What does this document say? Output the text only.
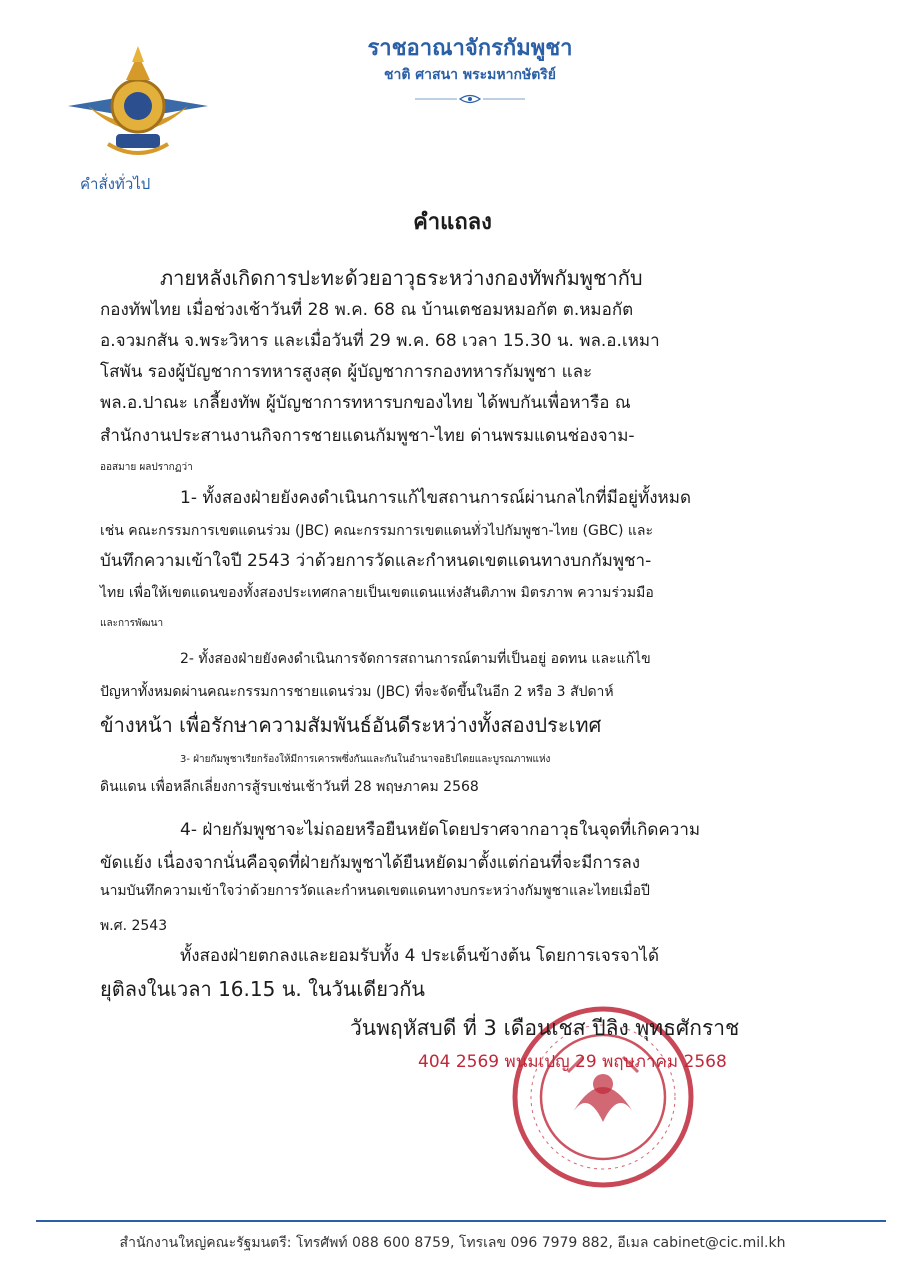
ราชอาณาจักรกัมพูชา
ชาติ ศาสนา พระมหากษัตริย์
คำสั่งทั่วไป
คำแถลง
ภายหลังเกิดการปะทะด้วยอาวุธระหว่างกองทัพกัมพูชากับ
กองทัพไทย เมื่อช่วงเช้าวันที่ 28 พ.ค. 68 ณ บ้านเตชอมหมอกัต ต.หมอกัต
อ.จวมกสัน จ.พระวิหาร และเมื่อวันที่ 29 พ.ค. 68 เวลา 15.30 น. พล.อ.เหมา
โสพัน รองผู้บัญชาการทหารสูงสุด ผู้บัญชาการกองทหารกัมพูชา และ
พล.อ.ปาณะ เกลี้ยงทัพ ผู้บัญชาการทหารบกของไทย ได้พบกันเพื่อหารือ ณ
สำนักงานประสานงานกิจการชายแดนกัมพูชา-ไทย ด่านพรมแดนช่องจาม-
ออสมาย ผลปรากฏว่า
1- ทั้งสองฝ่ายยังคงดำเนินการแก้ไขสถานการณ์ผ่านกลไกที่มีอยู่ทั้งหมด
เช่น คณะกรรมการเขตแดนร่วม (JBC) คณะกรรมการเขตแดนทั่วไปกัมพูชา-ไทย (GBC) และ
บันทึกความเข้าใจปี 2543 ว่าด้วยการวัดและกำหนดเขตแดนทางบกกัมพูชา-
ไทย เพื่อให้เขตแดนของทั้งสองประเทศกลายเป็นเขตแดนแห่งสันติภาพ มิตรภาพ ความร่วมมือ
และการพัฒนา
2- ทั้งสองฝ่ายยังคงดำเนินการจัดการสถานการณ์ตามที่เป็นอยู่ อดทน และแก้ไข
ปัญหาทั้งหมดผ่านคณะกรรมการชายแดนร่วม (JBC) ที่จะจัดขึ้นในอีก 2 หรือ 3 สัปดาห์
ข้างหน้า เพื่อรักษาความสัมพันธ์อันดีระหว่างทั้งสองประเทศ
3- ฝ่ายกัมพูชาเรียกร้องให้มีการเคารพซึ่งกันและกันในอำนาจอธิปไตยและบูรณภาพแห่ง
ดินแดน เพื่อหลีกเลี่ยงการสู้รบเช่นเช้าวันที่ 28 พฤษภาคม 2568
4- ฝ่ายกัมพูชาจะไม่ถอยหรือยืนหยัดโดยปราศจากอาวุธในจุดที่เกิดความ
ขัดแย้ง เนื่องจากนั่นคือจุดที่ฝ่ายกัมพูชาได้ยืนหยัดมาตั้งแต่ก่อนที่จะมีการลง
นามบันทึกความเข้าใจว่าด้วยการวัดและกำหนดเขตแดนทางบกระหว่างกัมพูชาและไทยเมื่อปี
พ.ศ. 2543
ทั้งสองฝ่ายตกลงและยอมรับทั้ง 4 ประเด็นข้างต้น โดยการเจรจาได้
ยุติลงในเวลา 16.15 น. ในวันเดียวกัน
วันพฤหัสบดี ที่ 3 เดือนเชส ปีลิง พุทธศักราช
404 2569 พนมเปญ 29 พฤษภาคม 2568
สำนักงานใหญ่คณะรัฐมนตรี: โทรศัพท์ 088 600 8759, โทรเลข 096 7979 882, อีเมล cabinet@cic.mil.kh
